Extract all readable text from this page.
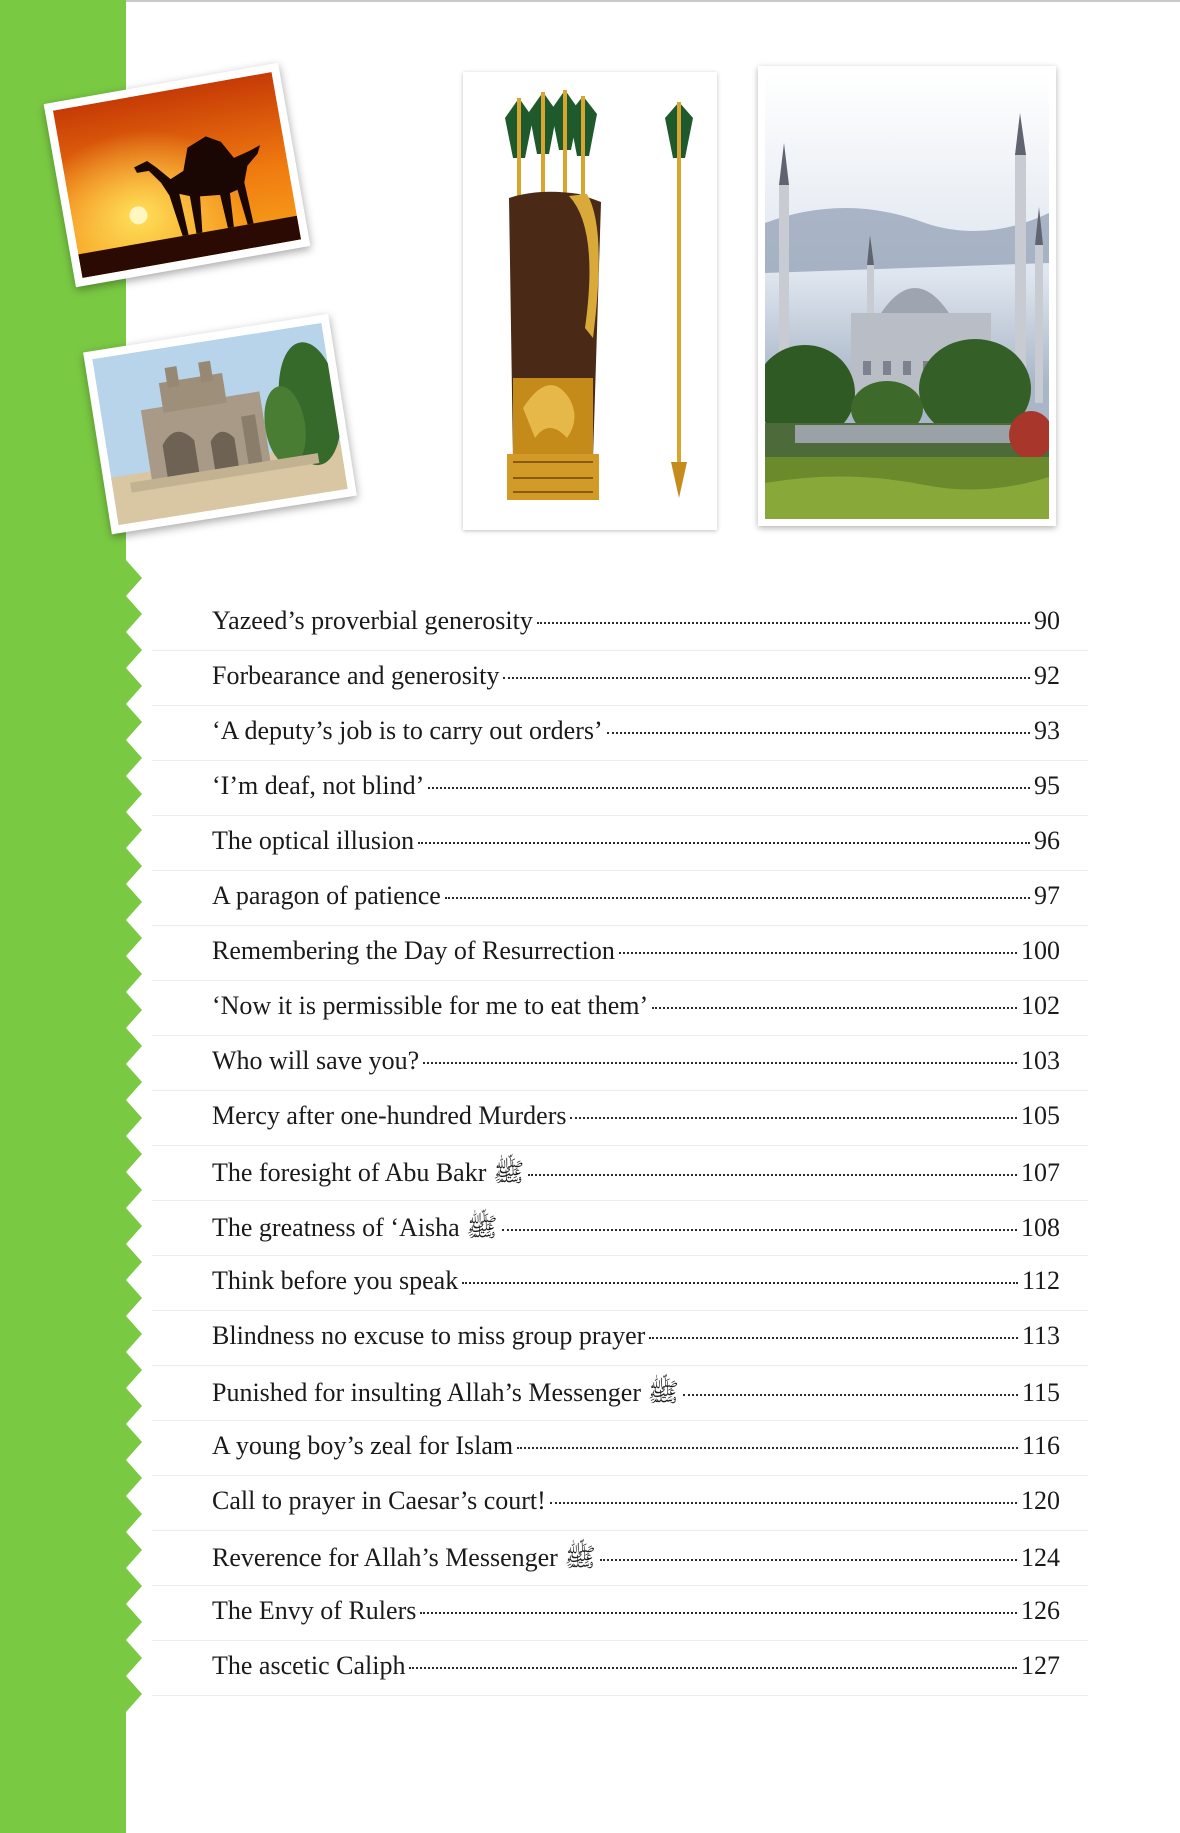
Yazeed’s proverbial generosity	90
Forbearance and generosity	92
‘A deputy’s job is to carry out orders’	93
‘I’m deaf, not blind’	95
The optical illusion	96
A paragon of patience	97
Remembering the Day of Resurrection	100
‘Now it is permissible for me to eat them’	102
Who will save you?	103
Mercy after one-hundred Murders	105
The foresight of Abu Bakr ﷺ	107
The greatness of ‘Aisha ﷺ	108
Think before you speak	112
Blindness no excuse to miss group prayer	113
Punished for insulting Allah’s Messenger ﷺ	115
A young boy’s zeal for Islam	116
Call to prayer in Caesar’s court!	120
Reverence for Allah’s Messenger ﷺ	124
The Envy of Rulers	126
The ascetic Caliph	127
